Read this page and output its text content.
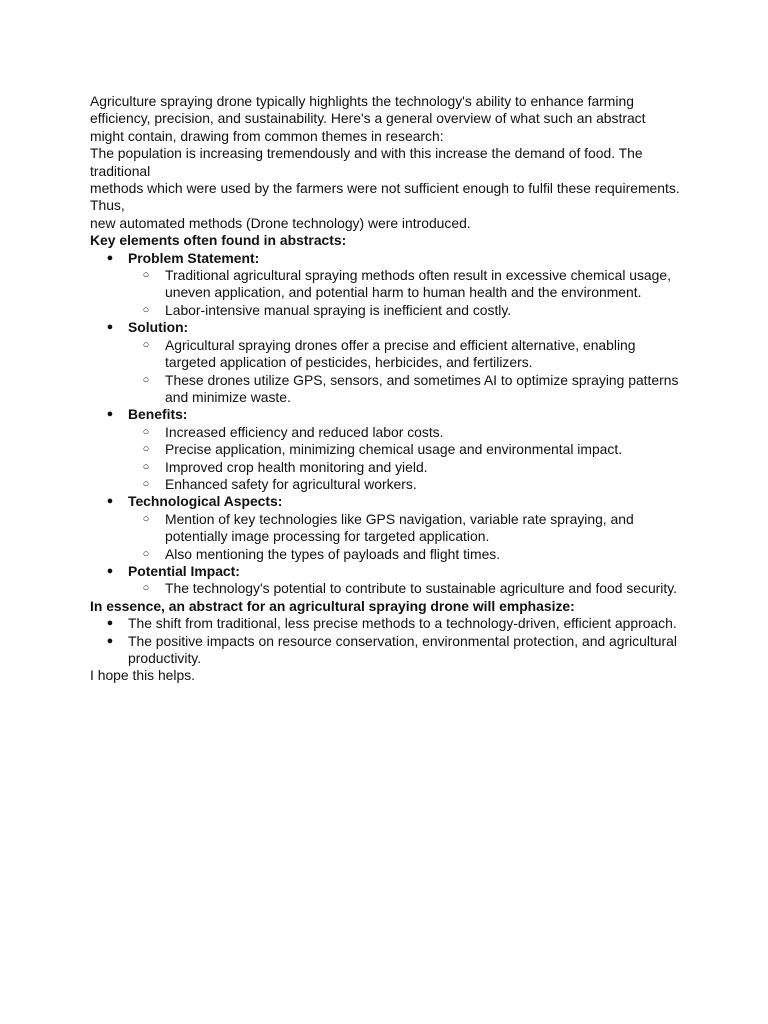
Agriculture spraying drone typically highlights the technology's ability to enhance farming
efficiency, precision, and sustainability. Here's a general overview of what such an abstract
might contain, drawing from common themes in research:
The population is increasing tremendously and with this increase the demand of food. The
traditional
methods which were used by the farmers were not sufficient enough to fulfil these requirements.
Thus,
new automated methods (Drone technology) were introduced.
Key elements often found in abstracts:
● Problem Statement:
○ Traditional agricultural spraying methods often result in excessive chemical usage, uneven application, and potential harm to human health and the environment.
○ Labor-intensive manual spraying is inefficient and costly.
● Solution:
○ Agricultural spraying drones offer a precise and efficient alternative, enabling targeted application of pesticides, herbicides, and fertilizers.
○ These drones utilize GPS, sensors, and sometimes AI to optimize spraying patterns and minimize waste.
● Benefits:
○ Increased efficiency and reduced labor costs.
○ Precise application, minimizing chemical usage and environmental impact.
○ Improved crop health monitoring and yield.
○ Enhanced safety for agricultural workers.
● Technological Aspects:
○ Mention of key technologies like GPS navigation, variable rate spraying, and potentially image processing for targeted application.
○ Also mentioning the types of payloads and flight times.
● Potential Impact:
○ The technology's potential to contribute to sustainable agriculture and food security.
In essence, an abstract for an agricultural spraying drone will emphasize:
● The shift from traditional, less precise methods to a technology-driven, efficient approach.
● The positive impacts on resource conservation, environmental protection, and agricultural productivity.
I hope this helps.
